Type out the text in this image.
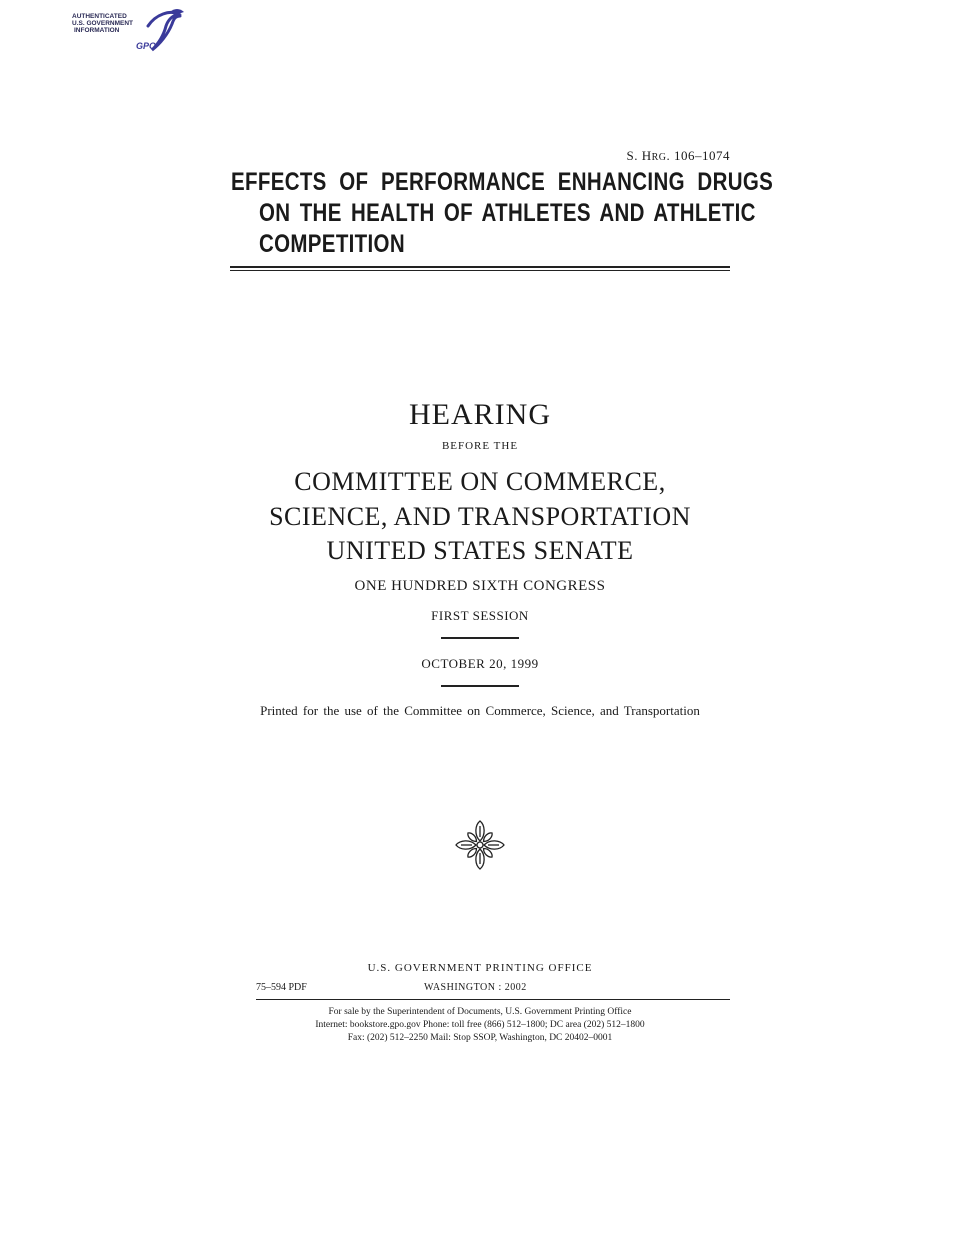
AUTHENTICATED
U.S. GOVERNMENT
INFORMATION
GPO
S. HRG. 106–1074
EFFECTS OF PERFORMANCE ENHANCING DRUGS
ON THE HEALTH OF ATHLETES AND ATHLETIC
COMPETITION
HEARING
BEFORE THE
COMMITTEE ON COMMERCE,
SCIENCE, AND TRANSPORTATION
UNITED STATES SENATE
ONE HUNDRED SIXTH CONGRESS
FIRST SESSION
OCTOBER 20, 1999
Printed for the use of the Committee on Commerce, Science, and Transportation
U.S. GOVERNMENT PRINTING OFFICE
75–594 PDF	WASHINGTON : 2002
For sale by the Superintendent of Documents, U.S. Government Printing Office
Internet: bookstore.gpo.gov Phone: toll free (866) 512–1800; DC area (202) 512–1800
Fax: (202) 512–2250 Mail: Stop SSOP, Washington, DC 20402–0001
